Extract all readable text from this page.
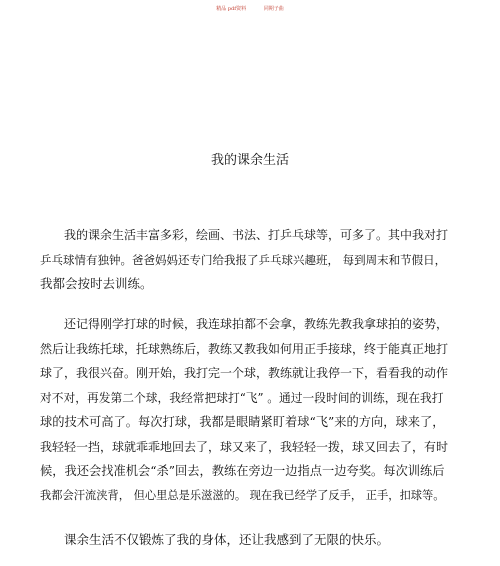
精品 pdf资料	同期子曲
我的课余生活
我的课余生活丰富多彩，绘画、书法、打乒乓球等，可多了。其中我对打
乒乓球情有独钟。爸爸妈妈还专门给我报了乒乓球兴趣班， 每到周末和节假日，
我都会按时去训练。
还记得刚学打球的时候，我连球拍都不会拿，教练先教我拿球拍的姿势，
然后让我练托球，托球熟练后，教练又教我如何用正手接球，终于能真正地打
球了，我很兴奋。刚开始，我打完一个球，教练就让我停一下，看看我的动作
对不对，再发第二个球，我经常把球打“飞” 。通过一段时间的训练，现在我打
球的技术可高了。每次打球，我都是眼睛紧盯着球“飞”来的方向，球来了，
我轻轻一挡，球就乖乖地回去了，球又来了，我轻轻一拨，球又回去了，有时
候，我还会找准机会“杀”回去，教练在旁边一边指点一边夸奖。每次训练后
我都会汗流浃背， 但心里总是乐滋滋的。 现在我已经学了反手， 正手，扣球等。
课余生活不仅锻炼了我的身体，还让我感到了无限的快乐。
